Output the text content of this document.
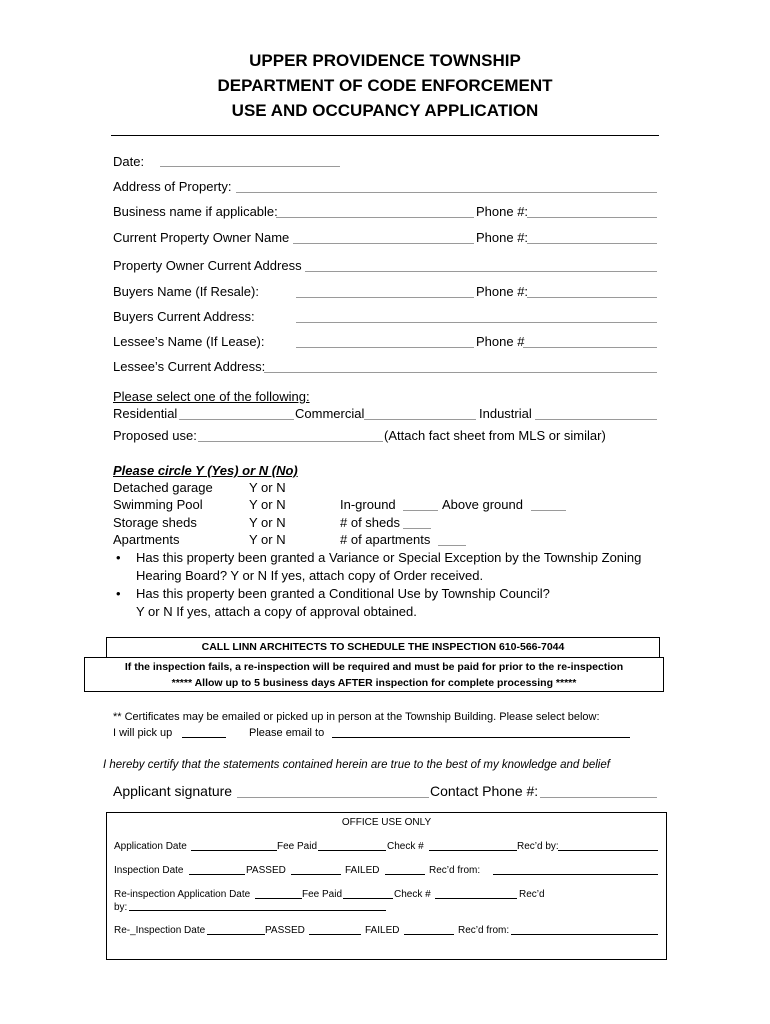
UPPER PROVIDENCE TOWNSHIP
DEPARTMENT OF CODE ENFORCEMENT
USE AND OCCUPANCY APPLICATION
Date:
Address of Property:
Business name if applicable:	Phone #:
Current Property Owner Name	Phone #:
Property Owner Current Address
Buyers Name (If Resale):	Phone #:
Buyers Current Address:
Lessee’s Name (If Lease):	Phone #
Lessee’s Current Address:
Please select one of the following:
Residential	Commercial	Industrial
Proposed use:	(Attach fact sheet from MLS or similar)
Please circle Y (Yes) or N (No)
Detached garage	Y or N
Swimming Pool	Y or N	In-ground	Above ground
Storage sheds	Y or N	# of sheds
Apartments	Y or N	# of apartments
• Has this property been granted a Variance or Special Exception by the Township Zoning
Hearing Board? Y or N If yes, attach copy of Order received.
• Has this property been granted a Conditional Use by Township Council?
Y or N If yes, attach a copy of approval obtained.
CALL LINN ARCHITECTS TO SCHEDULE THE INSPECTION 610-566-7044
If the inspection fails, a re-inspection will be required and must be paid for prior to the re-inspection
***** Allow up to 5 business days AFTER inspection for complete processing *****
** Certificates may be emailed or picked up in person at the Township Building. Please select below:
I will pick up	Please email to
I hereby certify that the statements contained herein are true to the best of my knowledge and belief
Applicant signature	Contact Phone #:
OFFICE USE ONLY
Application Date	Fee Paid	Check #	Rec’d by:
Inspection Date	PASSED	FAILED	Rec’d from:
Re-inspection Application Date	Fee Paid	Check #	Rec’d
by:
Re-_Inspection Date	PASSED	FAILED	Rec’d from:
